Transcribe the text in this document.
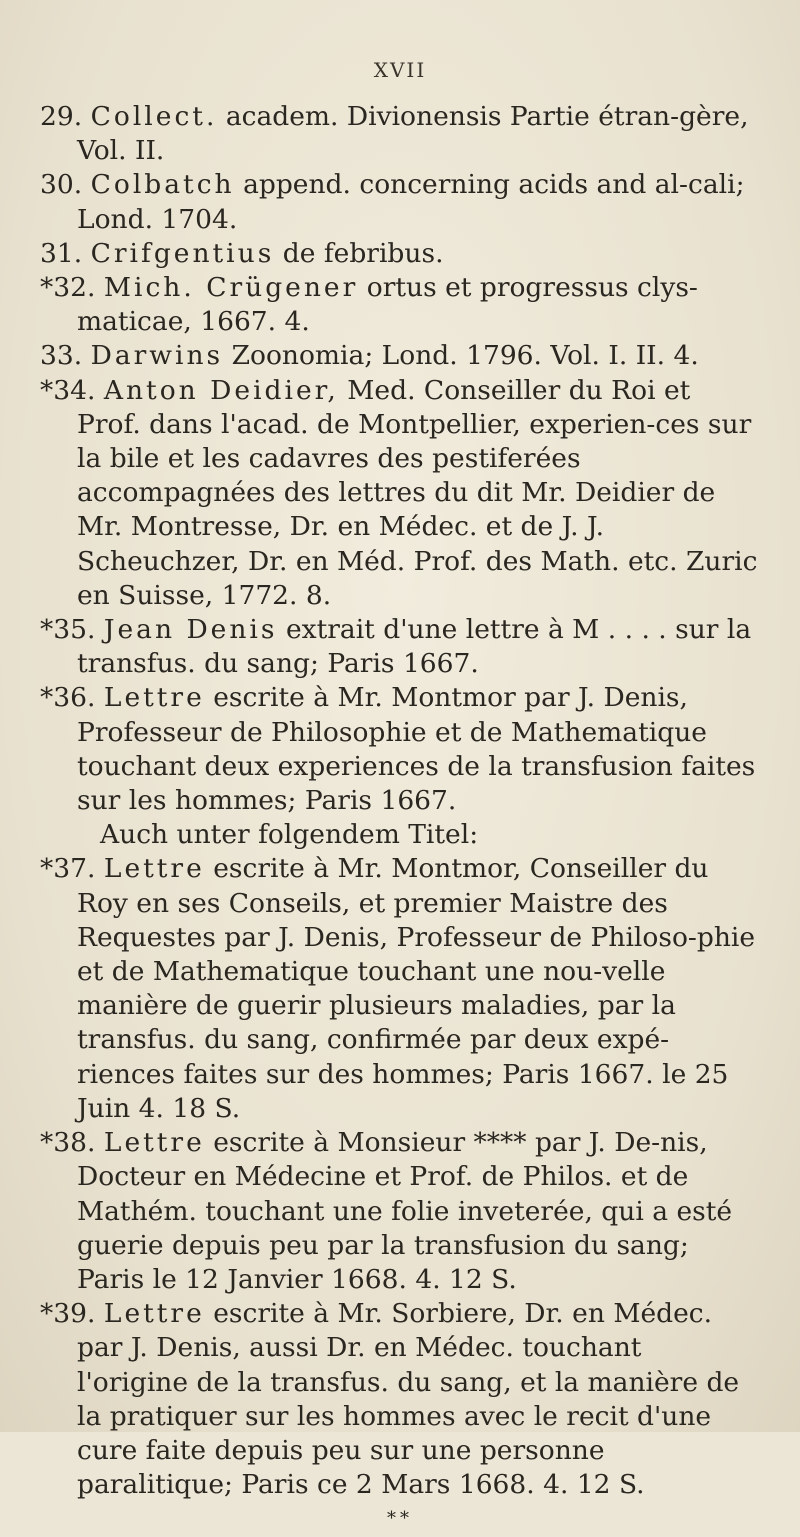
XVII

29. Collect. academ. Divionensis Partie étran-gère, Vol. II.

30. Colbatch append. concerning acids and al-cali; Lond. 1704.

31. Crifgentius de febribus.

*32. Mich. Crügener ortus et progressus clys-maticae, 1667. 4.

33. Darwins Zoonomia; Lond. 1796. Vol. I. II. 4.

*34. Anton Deidier, Med. Conseiller du Roi et Prof. dans l'acad. de Montpellier, experien-ces sur la bile et les cadavres des pestiferées accompagnées des lettres du dit Mr. Deidier de Mr. Montresse, Dr. en Médec. et de J. J. Scheuchzer, Dr. en Méd. Prof. des Math. etc. Zuric en Suisse, 1772. 8.

*35. Jean Denis extrait d'une lettre à M . . . . sur la transfus. du sang; Paris 1667.

*36. Lettre escrite à Mr. Montmor par J. Denis, Professeur de Philosophie et de Mathematique touchant deux experiences de la transfusion faites sur les hommes; Paris 1667.

Auch unter folgendem Titel:

*37. Lettre escrite à Mr. Montmor, Conseiller du Roy en ses Conseils, et premier Maistre des Requestes par J. Denis, Professeur de Philoso-phie et de Mathematique touchant une nou-velle manière de guerir plusieurs maladies, par la transfus. du sang, confirmée par deux expé-riences faites sur des hommes; Paris 1667. le 25 Juin 4. 18 S.

*38. Lettre escrite à Monsieur **** par J. De-nis, Docteur en Médecine et Prof. de Philos. et de Mathém. touchant une folie inveterée, qui a esté guerie depuis peu par la transfusion du sang; Paris le 12 Janvier 1668. 4. 12 S.

*39. Lettre escrite à Mr. Sorbiere, Dr. en Médec. par J. Denis, aussi Dr. en Médec. touchant l'origine de la transfus. du sang, et la manière de la pratiquer sur les hommes avec le recit d'une cure faite depuis peu sur une personne paralitique; Paris ce 2 Mars 1668. 4. 12 S.

**
